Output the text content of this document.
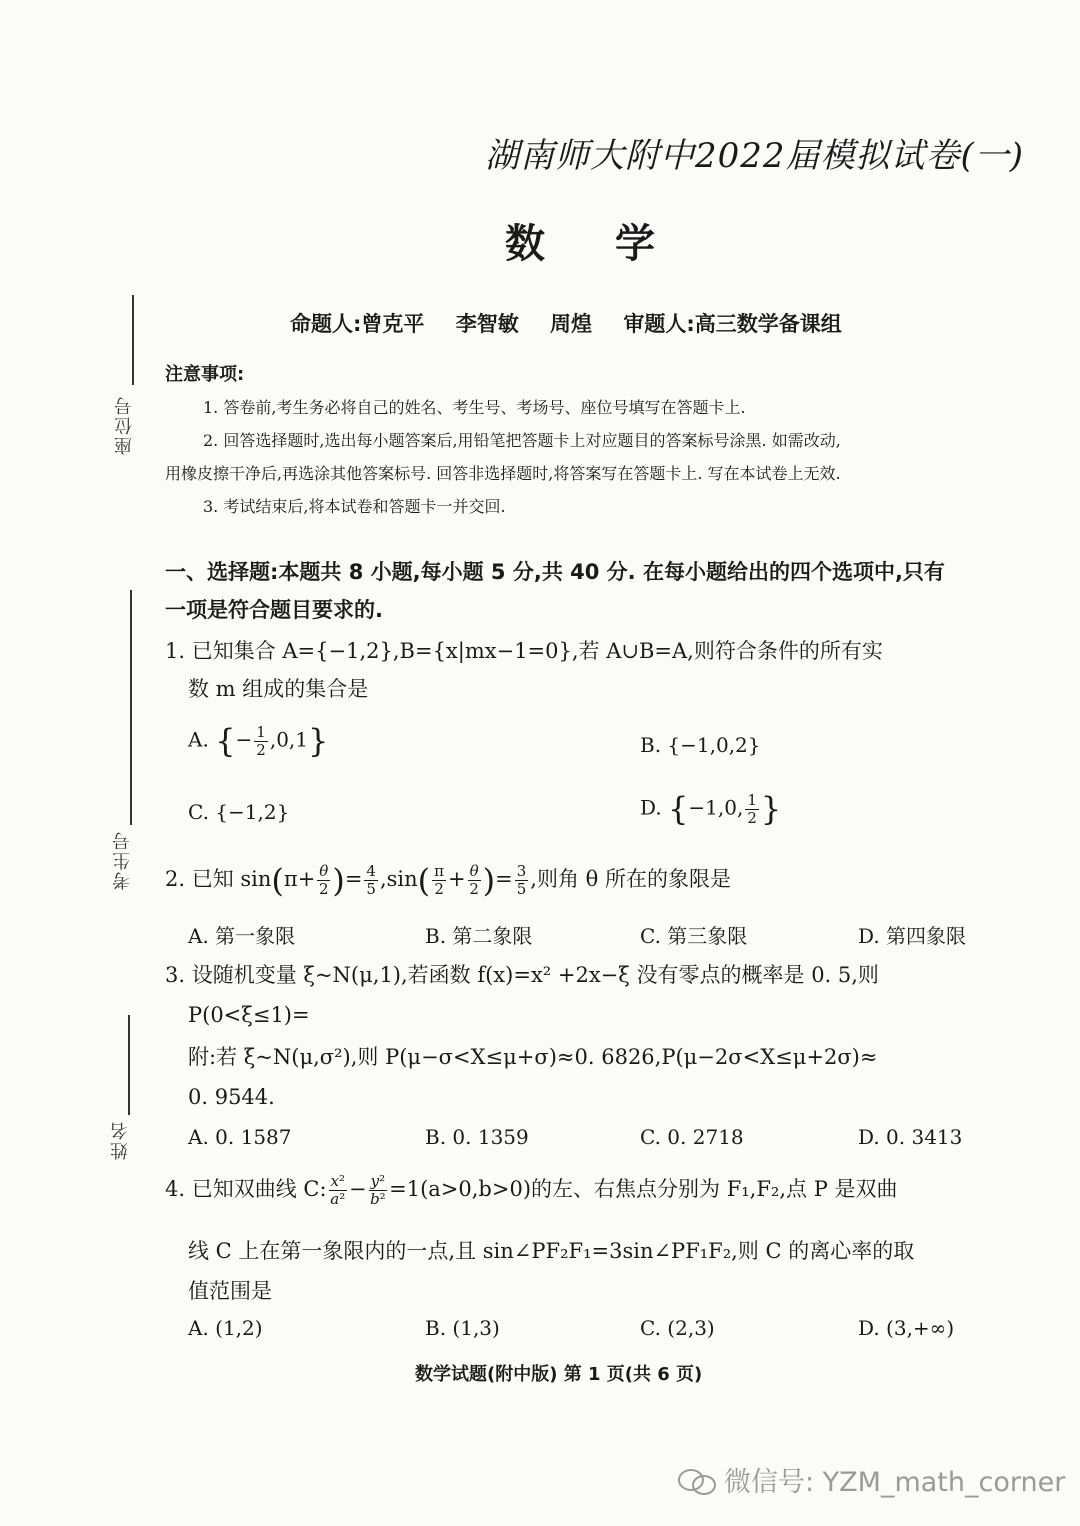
座位号
考生号
姓名
湖南师大附中2022届模拟试卷(一)
数学
命题人:曾克平 李智敏 周煌 审题人:高三数学备课组
注意事项:
1. 答卷前,考生务必将自己的姓名、考生号、考场号、座位号填写在答题卡上.
2. 回答选择题时,选出每小题答案后,用铅笔把答题卡上对应题目的答案标号涂黑. 如需改动,
用橡皮擦干净后,再选涂其他答案标号. 回答非选择题时,将答案写在答题卡上. 写在本试卷上无效.
3. 考试结束后,将本试卷和答题卡一并交回.
一、选择题:本题共 8 小题,每小题 5 分,共 40 分. 在每小题给出的四个选项中,只有
一项是符合题目要求的.
1. 已知集合 A={−1,2},B={x|mx−1=0},若 A∪B=A,则符合条件的所有实
数 m 组成的集合是
A. {− $\frac{1}{2} ,0,1$}	B. {−1,0,2}
C. {−1,2}	D. {−1,0, $\frac{1}{2}$ }
2. 已知 $\sin(\pi+ \frac{\theta}{2}$ )= $\frac{4}{5} ,\sin( \frac{\pi}{2} + \frac{\theta}{2}$ )= $\frac{3}{5}$ ,则角 θ 所在的象限是
A. 第一象限	B. 第二象限	C. 第三象限	D. 第四象限
3. 设随机变量 ξ~N(μ,1),若函数 f(x)=x² +2x−ξ 没有零点的概率是 0. 5,则
P(0<ξ≤1)=
附:若 ξ~N(μ,σ²),则 P(μ−σ<X≤μ+σ)≈0. 6826,P(μ−2σ<X≤μ+2σ)≈
0. 9544.
A. 0. 1587	B. 0. 1359	C. 0. 2718	D. 0. 3413
4. 已知双曲线 C: $\frac{\text{x²}}{\text{a²}} - \frac{\text{y²}}{\text{b²}} =1(a>0,b>0)$的左、右焦点分别为 F₁,F₂,点 P 是双曲
线 C 上在第一象限内的一点,且 sin∠PF₂F₁=3sin∠PF₁F₂,则 C 的离心率的取
值范围是
A. (1,2)	B. (1,3)	C. (2,3)	D. (3,+∞)
数学试题(附中版) 第 1 页(共 6 页)
微信号: YZM_math_corner
